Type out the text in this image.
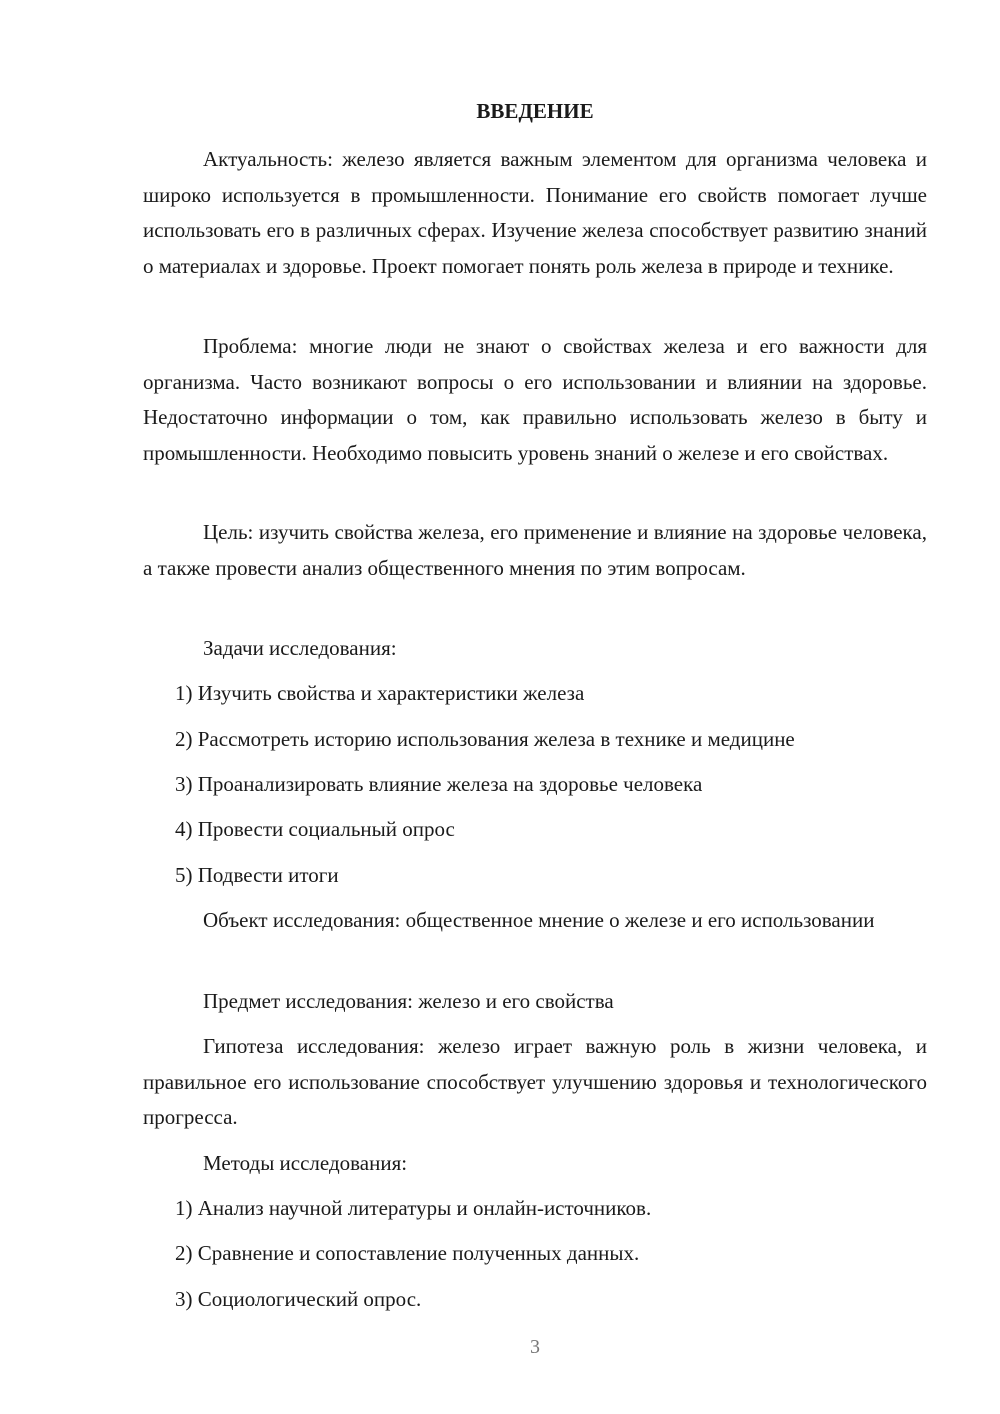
ВВЕДЕНИЕ

Актуальность: железо является важным элементом для организма человека и широко используется в промышленности. Понимание его свойств помогает лучше использовать его в различных сферах. Изучение железа способствует развитию знаний о материалах и здоровье. Проект помогает понять роль железа в природе и технике.

Проблема: многие люди не знают о свойствах железа и его важности для организма. Часто возникают вопросы о его использовании и влиянии на здоровье. Недостаточно информации о том, как правильно использовать железо в быту и промышленности. Необходимо повысить уровень знаний о железе и его свойствах.

Цель: изучить свойства железа, его применение и влияние на здоровье человека, а также провести анализ общественного мнения по этим вопросам.

Задачи исследования:

1) Изучить свойства и характеристики железа

2) Рассмотреть историю использования железа в технике и медицине

3) Проанализировать влияние железа на здоровье человека

4) Провести социальный опрос

5) Подвести итоги

Объект исследования: общественное мнение о железе и его использовании

Предмет исследования: железо и его свойства

Гипотеза исследования: железо играет важную роль в жизни человека, и правильное его использование способствует улучшению здоровья и технологического прогресса.

Методы исследования:

1) Анализ научной литературы и онлайн-источников.

2) Сравнение и сопоставление полученных данных.

3) Социологический опрос.

3
